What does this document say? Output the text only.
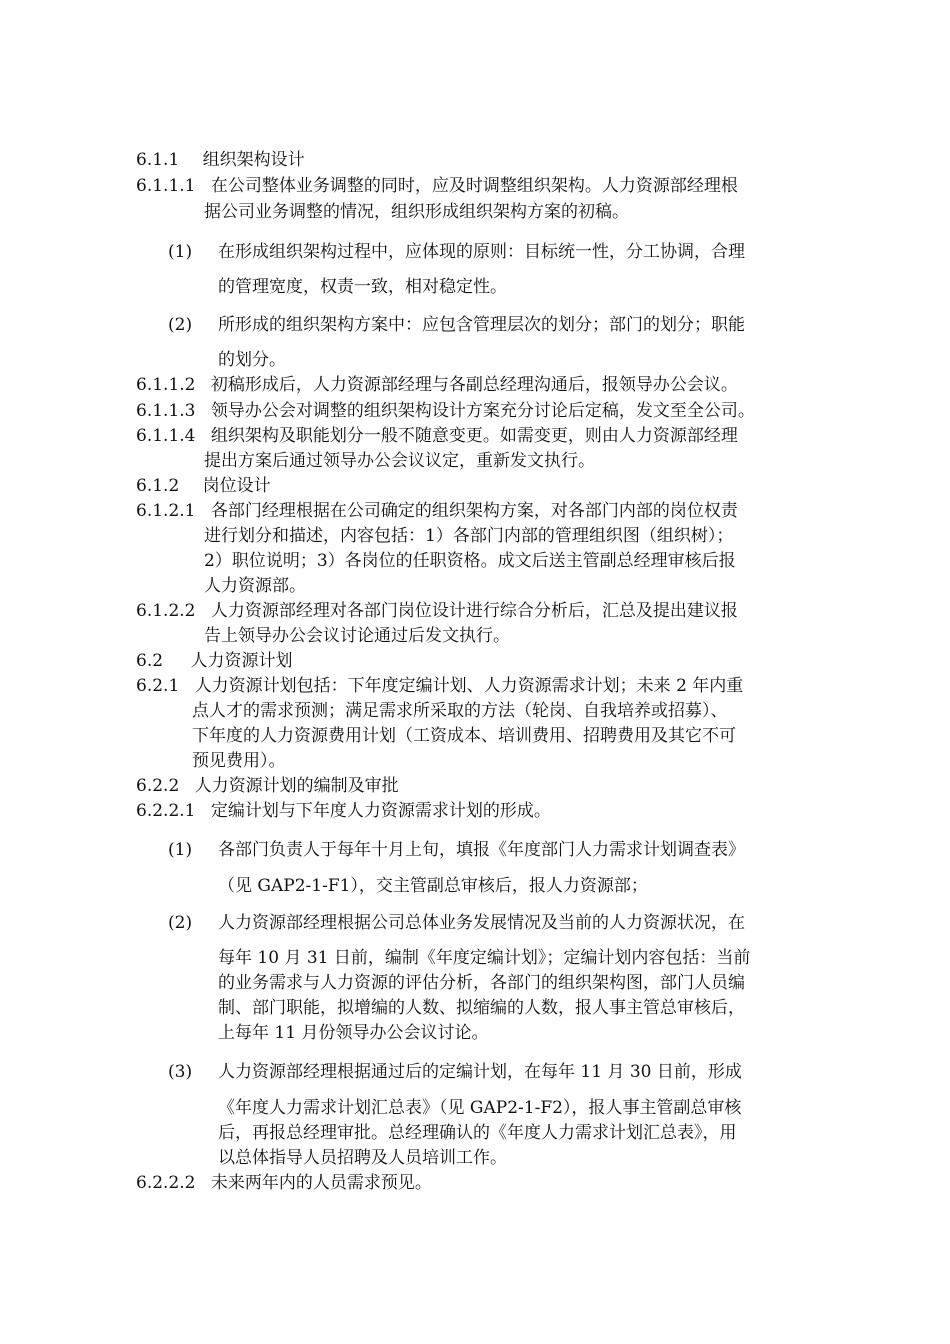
6.1.1 组织架构设计
6.1.1.1 在公司整体业务调整的同时，应及时调整组织架构。人力资源部经理根
据公司业务调整的情况，组织形成组织架构方案的初稿。
(1) 在形成组织架构过程中，应体现的原则：目标统一性，分工协调，合理
的管理宽度，权责一致，相对稳定性。
(2) 所形成的组织架构方案中：应包含管理层次的划分；部门的划分；职能
的划分。
6.1.1.2 初稿形成后，人力资源部经理与各副总经理沟通后，报领导办公会议。
6.1.1.3 领导办公会对调整的组织架构设计方案充分讨论后定稿，发文至全公司。
6.1.1.4 组织架构及职能划分一般不随意变更。如需变更，则由人力资源部经理
提出方案后通过领导办公会议议定，重新发文执行。
6.1.2 岗位设计
6.1.2.1 各部门经理根据在公司确定的组织架构方案，对各部门内部的岗位权责
进行划分和描述，内容包括：1）各部门内部的管理组织图（组织树）；
2）职位说明；3）各岗位的任职资格。成文后送主管副总经理审核后报
人力资源部。
6.1.2.2 人力资源部经理对各部门岗位设计进行综合分析后，汇总及提出建议报
告上领导办公会议讨论通过后发文执行。
6.2 人力资源计划
6.2.1 人力资源计划包括：下年度定编计划、人力资源需求计划；未来 2 年内重
点人才的需求预测；满足需求所采取的方法（轮岗、自我培养或招募）、
下年度的人力资源费用计划（工资成本、培训费用、招聘费用及其它不可
预见费用）。
6.2.2 人力资源计划的编制及审批
6.2.2.1 定编计划与下年度人力资源需求计划的形成。
(1) 各部门负责人于每年十月上旬，填报《年度部门人力需求计划调查表》
（见 GAP2-1-F1），交主管副总审核后，报人力资源部；
(2) 人力资源部经理根据公司总体业务发展情况及当前的人力资源状况，在
每年 10 月 31 日前，编制《年度定编计划》；定编计划内容包括：当前
的业务需求与人力资源的评估分析，各部门的组织架构图，部门人员编
制、部门职能，拟增编的人数、拟缩编的人数，报人事主管总审核后，
上每年 11 月份领导办公会议讨论。
(3) 人力资源部经理根据通过后的定编计划，在每年 11 月 30 日前，形成
《年度人力需求计划汇总表》（见 GAP2-1-F2），报人事主管副总审核
后，再报总经理审批。总经理确认的《年度人力需求计划汇总表》，用
以总体指导人员招聘及人员培训工作。
6.2.2.2 未来两年内的人员需求预见。
